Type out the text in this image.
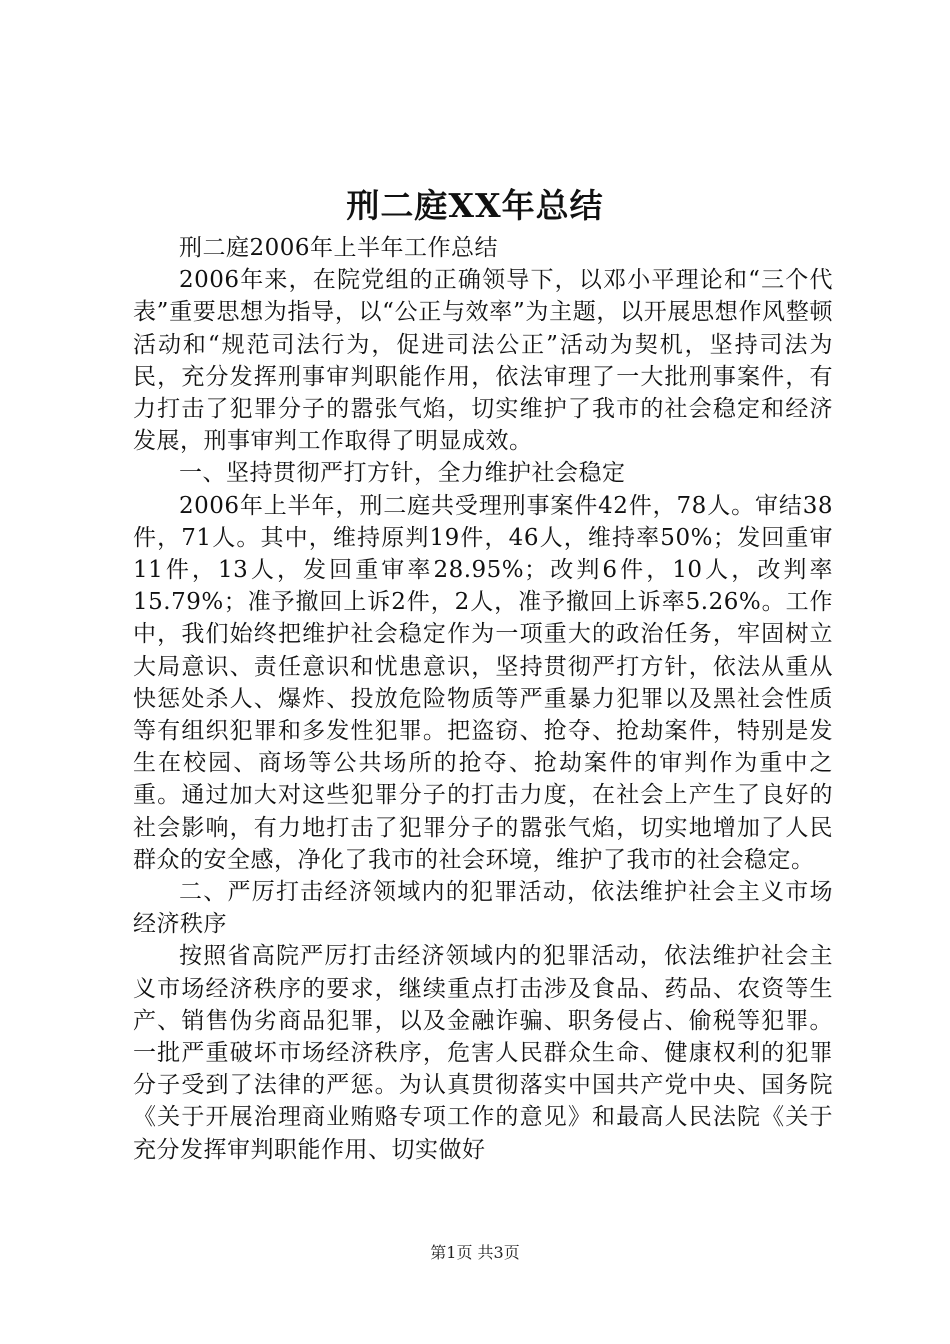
刑二庭XX年总结

刑二庭2006年上半年工作总结

2006年来，在院党组的正确领导下，以邓小平理论和“三个代表”重要思想为指导，以“公正与效率”为主题，以开展思想作风整顿活动和“规范司法行为，促进司法公正”活动为契机，坚持司法为民，充分发挥刑事审判职能作用，依法审理了一大批刑事案件，有力打击了犯罪分子的嚣张气焰，切实维护了我市的社会稳定和经济发展，刑事审判工作取得了明显成效。

一、坚持贯彻严打方针，全力维护社会稳定

2006年上半年，刑二庭共受理刑事案件42件，78人。审结38件，71人。其中，维持原判19件，46人，维持率50%；发回重审11件，13人，发回重审率28.95%；改判6件，10人，改判率15.79%；准予撤回上诉2件，2人，准予撤回上诉率5.26%。工作中，我们始终把维护社会稳定作为一项重大的政治任务，牢固树立大局意识、责任意识和忧患意识，坚持贯彻严打方针，依法从重从快惩处杀人、爆炸、投放危险物质等严重暴力犯罪以及黑社会性质等有组织犯罪和多发性犯罪。把盗窃、抢夺、抢劫案件，特别是发生在校园、商场等公共场所的抢夺、抢劫案件的审判作为重中之重。通过加大对这些犯罪分子的打击力度，在社会上产生了良好的社会影响，有力地打击了犯罪分子的嚣张气焰，切实地增加了人民群众的安全感，净化了我市的社会环境，维护了我市的社会稳定。

二、严厉打击经济领域内的犯罪活动，依法维护社会主义市场经济秩序

按照省高院严厉打击经济领域内的犯罪活动，依法维护社会主义市场经济秩序的要求，继续重点打击涉及食品、药品、农资等生产、销售伪劣商品犯罪，以及金融诈骗、职务侵占、偷税等犯罪。一批严重破坏市场经济秩序，危害人民群众生命、健康权利的犯罪分子受到了法律的严惩。为认真贯彻落实中国共产党中央、国务院《关于开展治理商业贿赂专项工作的意见》和最高人民法院《关于充分发挥审判职能作用、切实做好

第1页 共3页
